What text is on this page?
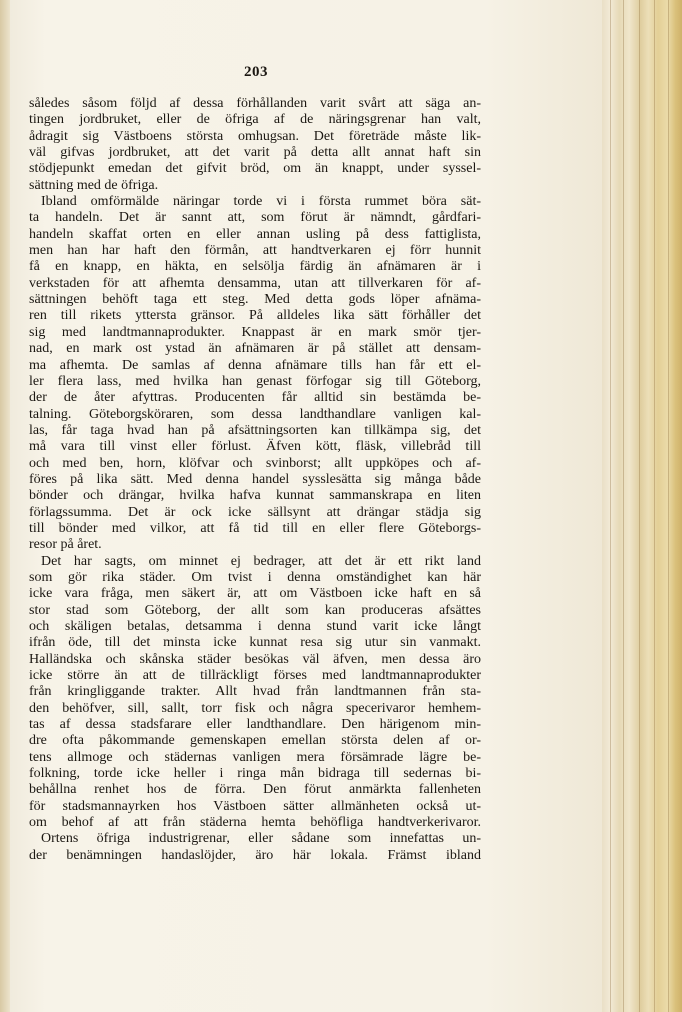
203
således såsom följd af dessa förhållanden varit svårt att säga an-
tingen jordbruket, eller de öfriga af de näringsgrenar han valt,
ådragit sig Västboens största omhugsan. Det företräde måste lik-
väl gifvas jordbruket, att det varit på detta allt annat haft sin
stödjepunkt emedan det gifvit bröd, om än knappt, under syssel-
sättning med de öfriga.
Ibland omförmälde näringar torde vi i första rummet böra sät-
ta handeln. Det är sannt att, som förut är nämndt, gårdfari-
handeln skaffat orten en eller annan usling på dess fattiglista,
men han har haft den förmån, att handtverkaren ej förr hunnit
få en knapp, en häkta, en selsölja färdig än afnämaren är i
verkstaden för att afhemta densamma, utan att tillverkaren för af-
sättningen behöft taga ett steg. Med detta gods löper afnäma-
ren till rikets yttersta gränsor. På alldeles lika sätt förhåller det
sig med landtmannaprodukter. Knappast är en mark smör tjer-
nad, en mark ost ystad än afnämaren är på stället att densam-
ma afhemta. De samlas af denna afnämare tills han får ett el-
ler flera lass, med hvilka han genast förfogar sig till Göteborg,
der de åter afyttras. Producenten får alltid sin bestämda be-
talning. Göteborgsköraren, som dessa landthandlare vanligen kal-
las, får taga hvad han på afsättningsorten kan tillkämpa sig, det
må vara till vinst eller förlust. Äfven kött, fläsk, villebråd till
och med ben, horn, klöfvar och svinborst; allt uppköpes och af-
föres på lika sätt. Med denna handel sysslesätta sig många både
bönder och drängar, hvilka hafva kunnat sammanskrapa en liten
förlagssumma. Det är ock icke sällsynt att drängar städja sig
till bönder med vilkor, att få tid till en eller flere Göteborgs-
resor på året.
Det har sagts, om minnet ej bedrager, att det är ett rikt land
som gör rika städer. Om tvist i denna omständighet kan här
icke vara fråga, men säkert är, att om Västboen icke haft en så
stor stad som Göteborg, der allt som kan produceras afsättes
och skäligen betalas, detsamma i denna stund varit icke långt
ifrån öde, till det minsta icke kunnat resa sig utur sin vanmakt.
Halländska och skånska städer besökas väl äfven, men dessa äro
icke större än att de tillräckligt förses med landtmannaprodukter
från kringliggande trakter. Allt hvad från landtmannen från sta-
den behöfver, sill, sallt, torr fisk och några specerivaror hemhem-
tas af dessa stadsfarare eller landthandlare. Den härigenom min-
dre ofta påkommande gemenskapen emellan största delen af or-
tens allmoge och städernas vanligen mera försämrade lägre be-
folkning, torde icke heller i ringa mån bidraga till sedernas bi-
behållna renhet hos de förra. Den förut anmärkta fallenheten
för stadsmannayrken hos Västboen sätter allmänheten också ut-
om behof af att från städerna hemta behöfliga handtverkerivaror.
Ortens öfriga industrigrenar, eller sådane som innefattas un-
der benämningen handaslöjder, äro här lokala. Främst ibland
